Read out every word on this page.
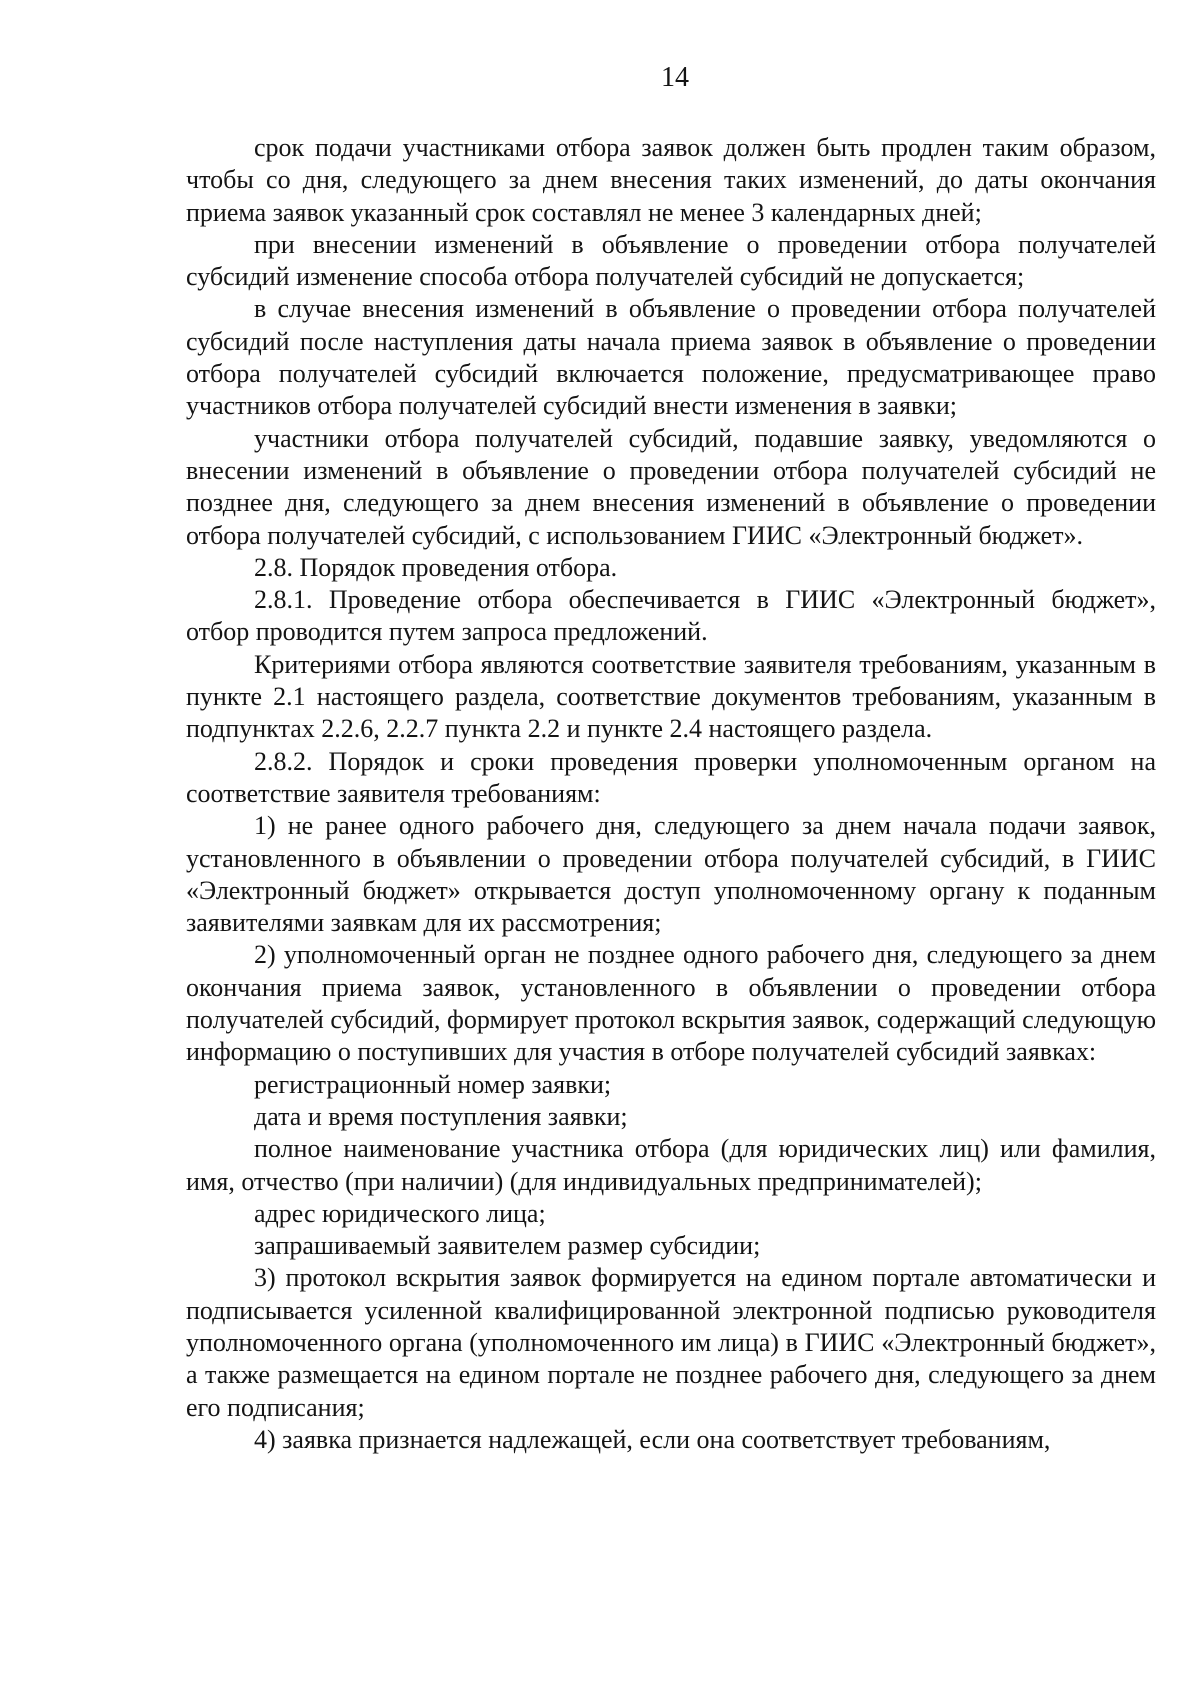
14

срок подачи участниками отбора заявок должен быть продлен таким образом, чтобы со дня, следующего за днем внесения таких изменений, до даты окончания приема заявок указанный срок составлял не менее 3 календарных дней;

при внесении изменений в объявление о проведении отбора получателей субсидий изменение способа отбора получателей субсидий не допускается;

в случае внесения изменений в объявление о проведении отбора получателей субсидий после наступления даты начала приема заявок в объявление о проведении отбора получателей субсидий включается положение, предусматривающее право участников отбора получателей субсидий внести изменения в заявки;

участники отбора получателей субсидий, подавшие заявку, уведомляются о внесении изменений в объявление о проведении отбора получателей субсидий не позднее дня, следующего за днем внесения изменений в объявление о проведении отбора получателей субсидий, с использованием ГИИС «Электронный бюджет».

2.8. Порядок проведения отбора.

2.8.1. Проведение отбора обеспечивается в ГИИС «Электронный бюджет», отбор проводится путем запроса предложений.

Критериями отбора являются соответствие заявителя требованиям, указанным в пункте 2.1 настоящего раздела, соответствие документов требованиям, указанным в подпунктах 2.2.6, 2.2.7 пункта 2.2 и пункте 2.4 настоящего раздела.

2.8.2. Порядок и сроки проведения проверки уполномоченным органом на соответствие заявителя требованиям:

1) не ранее одного рабочего дня, следующего за днем начала подачи заявок, установленного в объявлении о проведении отбора получателей субсидий, в ГИИС «Электронный бюджет» открывается доступ уполномоченному органу к поданным заявителями заявкам для их рассмотрения;

2) уполномоченный орган не позднее одного рабочего дня, следующего за днем окончания приема заявок, установленного в объявлении о проведении отбора получателей субсидий, формирует протокол вскрытия заявок, содержащий следующую информацию о поступивших для участия в отборе получателей субсидий заявках:

регистрационный номер заявки;

дата и время поступления заявки;

полное наименование участника отбора (для юридических лиц) или фамилия, имя, отчество (при наличии) (для индивидуальных предпринимателей);

адрес юридического лица;

запрашиваемый заявителем размер субсидии;

3) протокол вскрытия заявок формируется на едином портале автоматически и подписывается усиленной квалифицированной электронной подписью руководителя уполномоченного органа (уполномоченного им лица) в ГИИС «Электронный бюджет», а также размещается на едином портале не позднее рабочего дня, следующего за днем его подписания;

4) заявка признается надлежащей, если она соответствует требованиям,
